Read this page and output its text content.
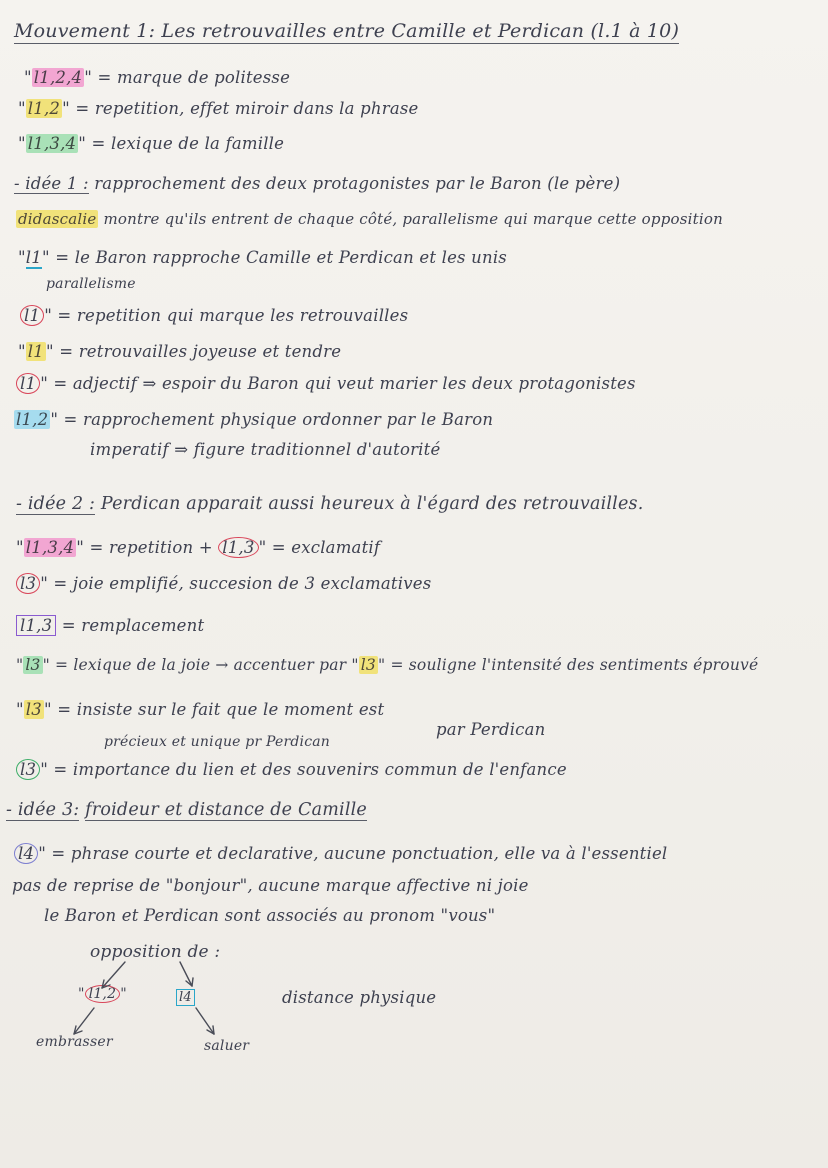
Mouvement 1: Les retrouvailles entre Camille et Perdican (l.1 à 10)
" l1,2,4 " = marque de politesse
" l1,2 " = repetition, effet miroir dans la phrase
" l1,3,4 " = lexique de la famille
- idée 1 : rapprochement des deux protagonistes par le Baron (le père)
didascalie montre qu'ils entrent de chaque côté, parallelisme qui marque cette opposition
"l1" = le Baron rapproche Camille et Perdican et les unis
parallelisme
l1 " = repetition qui marque les retrouvailles
" l1 " = retrouvailles joyeuse et tendre
l1 " = adjectif ⇒ espoir du Baron qui veut marier les deux protagonistes
l1,2 " = rapprochement physique ordonner par le Baron
imperatif ⇒ figure traditionnel d'autorité
- idée 2 : Perdican apparait aussi heureux à l'égard des retrouvailles.
" l1,3,4 " = repetition + l1,3 " = exclamatif
l3 " = joie emplifié, succesion de 3 exclamatives
l1,3 = remplacement
" l3 " = lexique de la joie → accentuer par " l3 " = souligne l'intensité des sentiments éprouvé
par Perdican
" l3 " = insiste sur le fait que le moment est
précieux et unique pr Perdican
l3 " = importance du lien et des souvenirs commun de l'enfance
- idée 3: froideur et distance de Camille
l4 " = phrase courte et declarative, aucune ponctuation, elle va à l'essentiel
pas de reprise de "bonjour", aucune marque affective ni joie
le Baron et Perdican sont associés au pronom "vous"
opposition de :
" l1,2 "	l4	distance physique
embrasser	saluer
